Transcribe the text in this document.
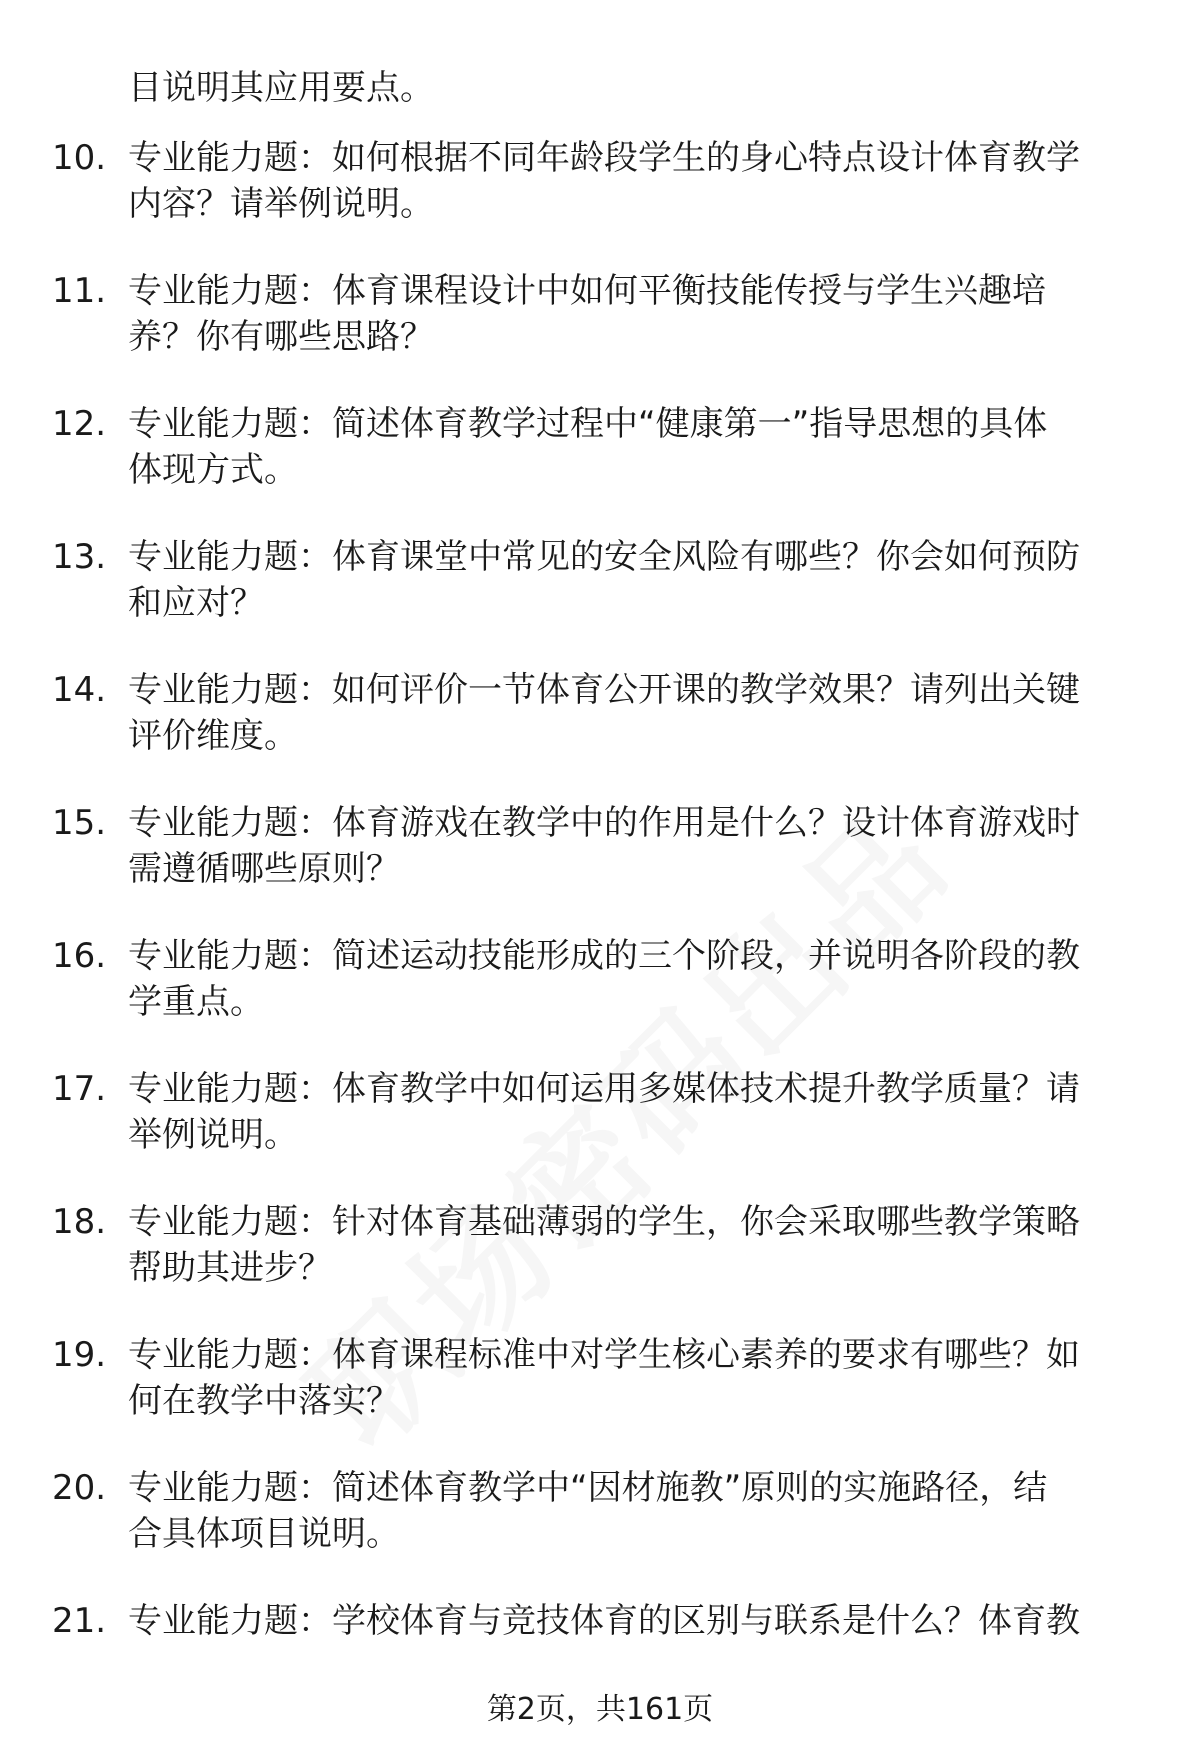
目说明其应用要点。
10. 专业能力题：如何根据不同年龄段学生的身心特点设计体育教学
内容？请举例说明。
11. 专业能力题：体育课程设计中如何平衡技能传授与学生兴趣培
养？你有哪些思路？
12. 专业能力题：简述体育教学过程中“健康第一”指导思想的具体
体现方式。
13. 专业能力题：体育课堂中常见的安全风险有哪些？你会如何预防
和应对？
14. 专业能力题：如何评价一节体育公开课的教学效果？请列出关键
评价维度。
15. 专业能力题：体育游戏在教学中的作用是什么？设计体育游戏时
需遵循哪些原则？
16. 专业能力题：简述运动技能形成的三个阶段，并说明各阶段的教
学重点。
17. 专业能力题：体育教学中如何运用多媒体技术提升教学质量？请
举例说明。
18. 专业能力题：针对体育基础薄弱的学生，你会采取哪些教学策略
帮助其进步？
19. 专业能力题：体育课程标准中对学生核心素养的要求有哪些？如
何在教学中落实？
20. 专业能力题：简述体育教学中“因材施教”原则的实施路径，结
合具体项目说明。
21. 专业能力题：学校体育与竞技体育的区别与联系是什么？体育教
第2页，共161页
